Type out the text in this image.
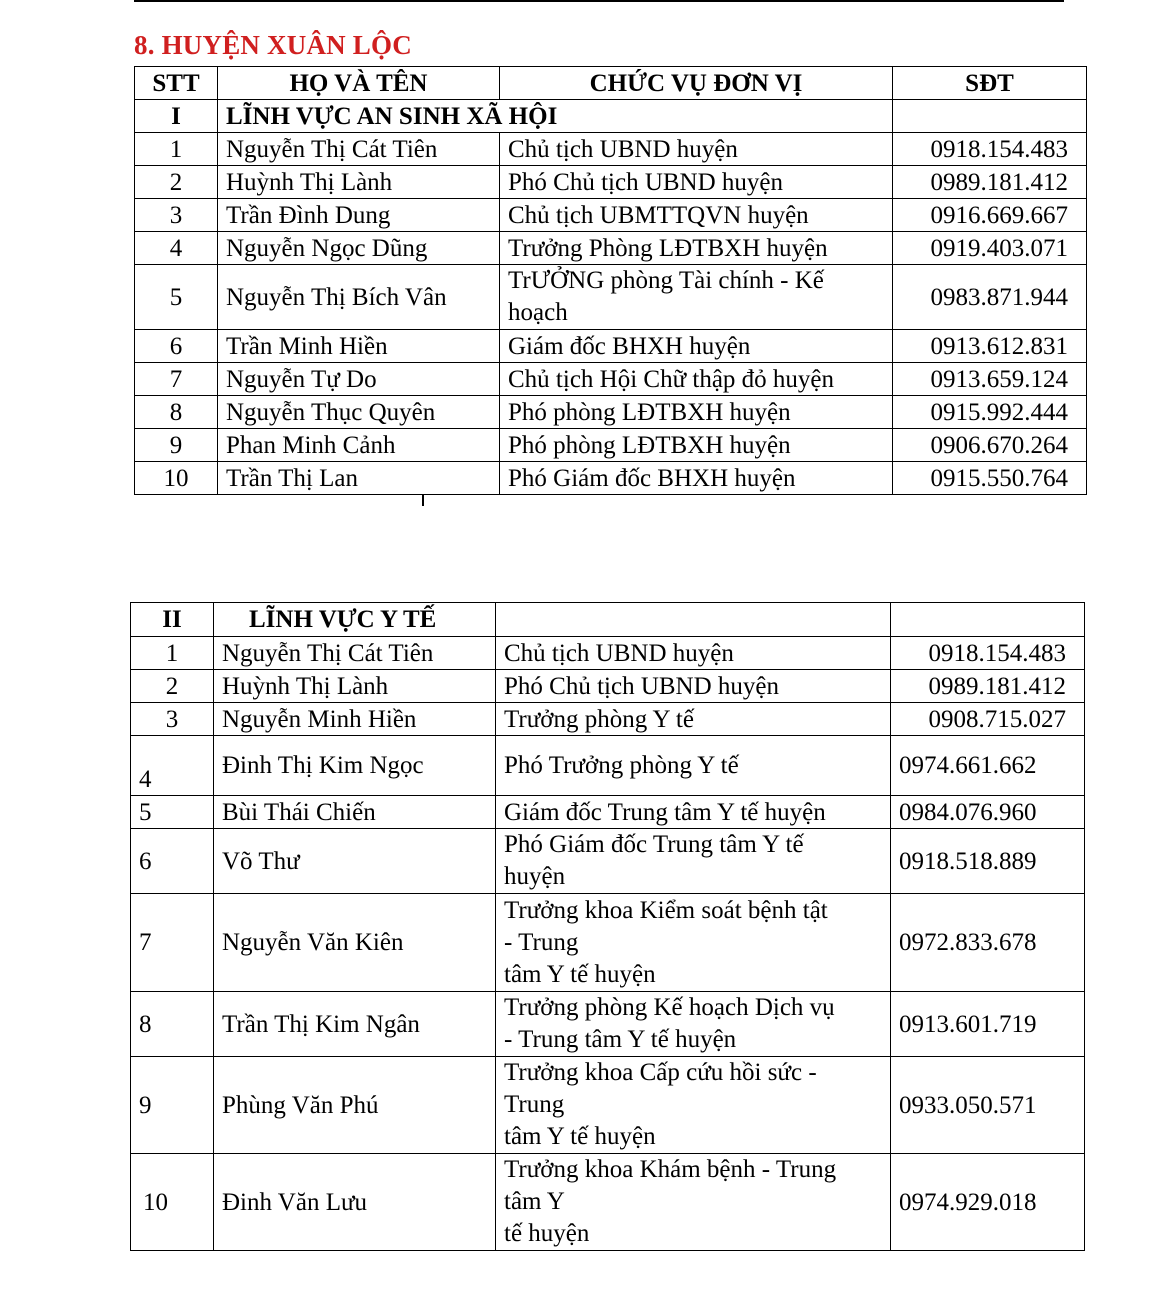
8. HUYỆN XUÂN LỘC
STT	HỌ VÀ TÊN	CHỨC VỤ ĐƠN VỊ	SĐT
I	LĨNH VỰC AN SINH XÃ HỘI		
1	Nguyễn Thị Cát Tiên	Chủ tịch UBND huyện	0918.154.483
2	Huỳnh Thị Lành	Phó Chủ tịch UBND huyện	0989.181.412
3	Trần Đình Dung	Chủ tịch UBMTTQVN huyện	0916.669.667
4	Nguyễn Ngọc Dũng	Trưởng Phòng LĐTBXH huyện	0919.403.071
5	Nguyễn Thị Bích Vân	TrƯỞNG phòng Tài chính - Kế
hoạch	0983.871.944
6	Trần Minh Hiền	Giám đốc BHXH huyện	0913.612.831
7	Nguyễn Tự Do	Chủ tịch Hội Chữ thập đỏ huyện	0913.659.124
8	Nguyễn Thục Quyên	Phó phòng LĐTBXH huyện	0915.992.444
9	Phan Minh Cảnh	Phó phòng LĐTBXH huyện	0906.670.264
10	Trần Thị Lan	Phó Giám đốc BHXH huyện	0915.550.764
II	LĨNH VỰC Y TẾ		
1	Nguyễn Thị Cát Tiên	Chủ tịch UBND huyện	0918.154.483
2	Huỳnh Thị Lành	Phó Chủ tịch UBND huyện	0989.181.412
3	Nguyễn Minh Hiền	Trưởng phòng Y tế	0908.715.027
4	Đinh Thị Kim Ngọc	Phó Trưởng phòng Y tế	0974.661.662
5	Bùi Thái Chiến	Giám đốc Trung tâm Y tế huyện	0984.076.960
6	Võ Thư	Phó Giám đốc Trung tâm Y tế
huyện	0918.518.889
7	Nguyễn Văn Kiên	Trưởng khoa Kiểm soát bệnh tật
- Trung
tâm Y tế huyện	0972.833.678
8	Trần Thị Kim Ngân	Trưởng phòng Kế hoạch Dịch vụ
- Trung tâm Y tế huyện	0913.601.719
9	Phùng Văn Phú	Trưởng khoa Cấp cứu hồi sức -
Trung
tâm Y tế huyện	0933.050.571
10	Đinh Văn Lưu	Trưởng khoa Khám bệnh - Trung
tâm Y
tế huyện	0974.929.018
